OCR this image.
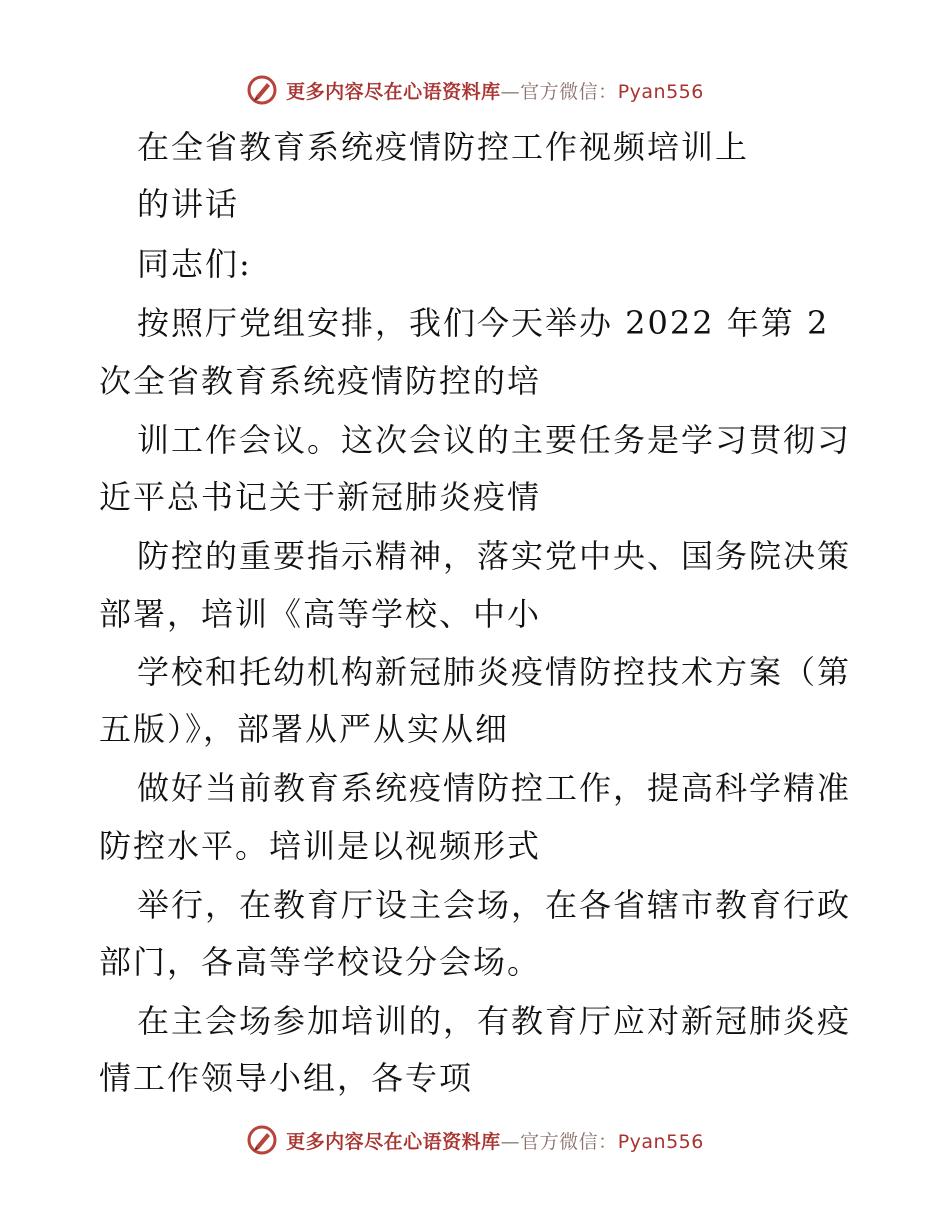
更多内容尽在心语资料库—官方微信：Pyan556
在全省教育系统疫情防控工作视频培训上
的讲话
同志们:
按照厅党组安排，我们今天举办 2022 年第 2
次全省教育系统疫情防控的培
训工作会议。这次会议的主要任务是学习贯彻习
近平总书记关于新冠肺炎疫情
防控的重要指示精神，落实党中央、国务院决策
部署，培训《高等学校、中小
学校和托幼机构新冠肺炎疫情防控技术方案（第
五版）》，部署从严从实从细
做好当前教育系统疫情防控工作，提高科学精准
防控水平。培训是以视频形式
举行，在教育厅设主会场，在各省辖市教育行政
部门，各高等学校设分会场。
在主会场参加培训的，有教育厅应对新冠肺炎疫
情工作领导小组，各专项
更多内容尽在心语资料库—官方微信：Pyan556
